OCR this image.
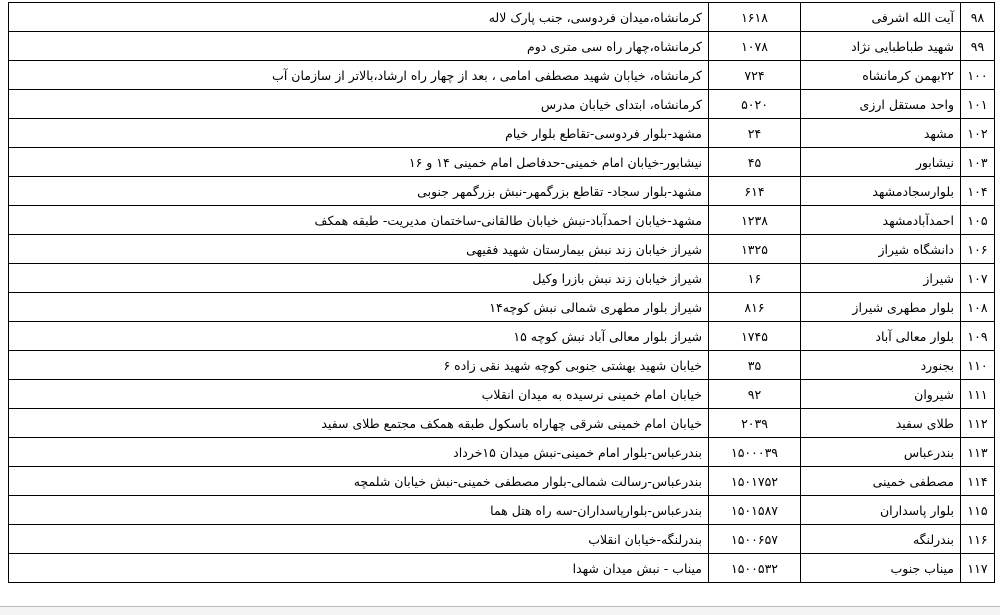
۹۸	آیت الله اشرفی	۱۶۱۸	کرمانشاه،میدان فردوسی، جنب پارک لاله
۹۹	شهید طباطبایی نژاد	۱۰۷۸	کرمانشاه،چهار راه سی متری دوم
۱۰۰	۲۲بهمن کرمانشاه	۷۲۴	کرمانشاه، خیابان شهید مصطفی امامی ، بعد از چهار راه ارشاد،بالاتر از سازمان آب
۱۰۱	واحد مستقل ارزی	۵۰۲۰	کرمانشاه، ابتدای خیابان مدرس
۱۰۲	مشهد	۲۴	مشهد-بلوار فردوسی-تقاطع بلوار خیام
۱۰۳	نیشابور	۴۵	نیشابور-خیابان امام خمینی-حدفاصل امام خمینی ۱۴ و ۱۶
۱۰۴	بلوارسجادمشهد	۶۱۴	مشهد-بلوار سجاد- تقاطع بزرگمهر-نبش بزرگمهر جنوبی
۱۰۵	احمدآبادمشهد	۱۲۳۸	مشهد-خیابان احمدآباد-نبش خیابان طالقانی-ساختمان مدیریت- طبقه همکف
۱۰۶	دانشگاه شیراز	۱۳۲۵	شیراز خیابان زند نبش بیمارستان شهید فقیهی
۱۰۷	شیراز	۱۶	شیراز خیابان زند نبش بازرا وکیل
۱۰۸	بلوار مطهری شیراز	۸۱۶	شیراز بلوار مطهری شمالی نبش کوچه۱۴
۱۰۹	بلوار معالی آباد	۱۷۴۵	شیراز بلوار معالی آباد نبش کوچه ۱۵
۱۱۰	بجنورد	۳۵	خیابان شهید بهشتی جنوبی کوچه شهید نقی زاده ۶
۱۱۱	شیروان	۹۲	خیابان امام خمینی نرسیده به میدان انقلاب
۱۱۲	طلای سفید	۲۰۳۹	خیابان امام خمینی شرقی چهاراه باسکول طبقه همکف مجتمع طلای سفید
۱۱۳	بندرعباس	۱۵۰۰۰۳۹	بندرعباس-بلوار امام خمینی-نبش میدان ۱۵خرداد
۱۱۴	مصطفی خمینی	۱۵۰۱۷۵۲	بندرعباس-رسالت شمالی-بلوار مصطفی خمینی-نبش خیابان شلمچه
۱۱۵	بلوار پاسداران	۱۵۰۱۵۸۷	بندرعباس-بلوارپاسداران-سه راه هتل هما
۱۱۶	بندرلنگه	۱۵۰۰۶۵۷	بندرلنگه-خیابان انقلاب
۱۱۷	میناب جنوب	۱۵۰۰۵۳۲	میناب - نبش میدان شهدا
